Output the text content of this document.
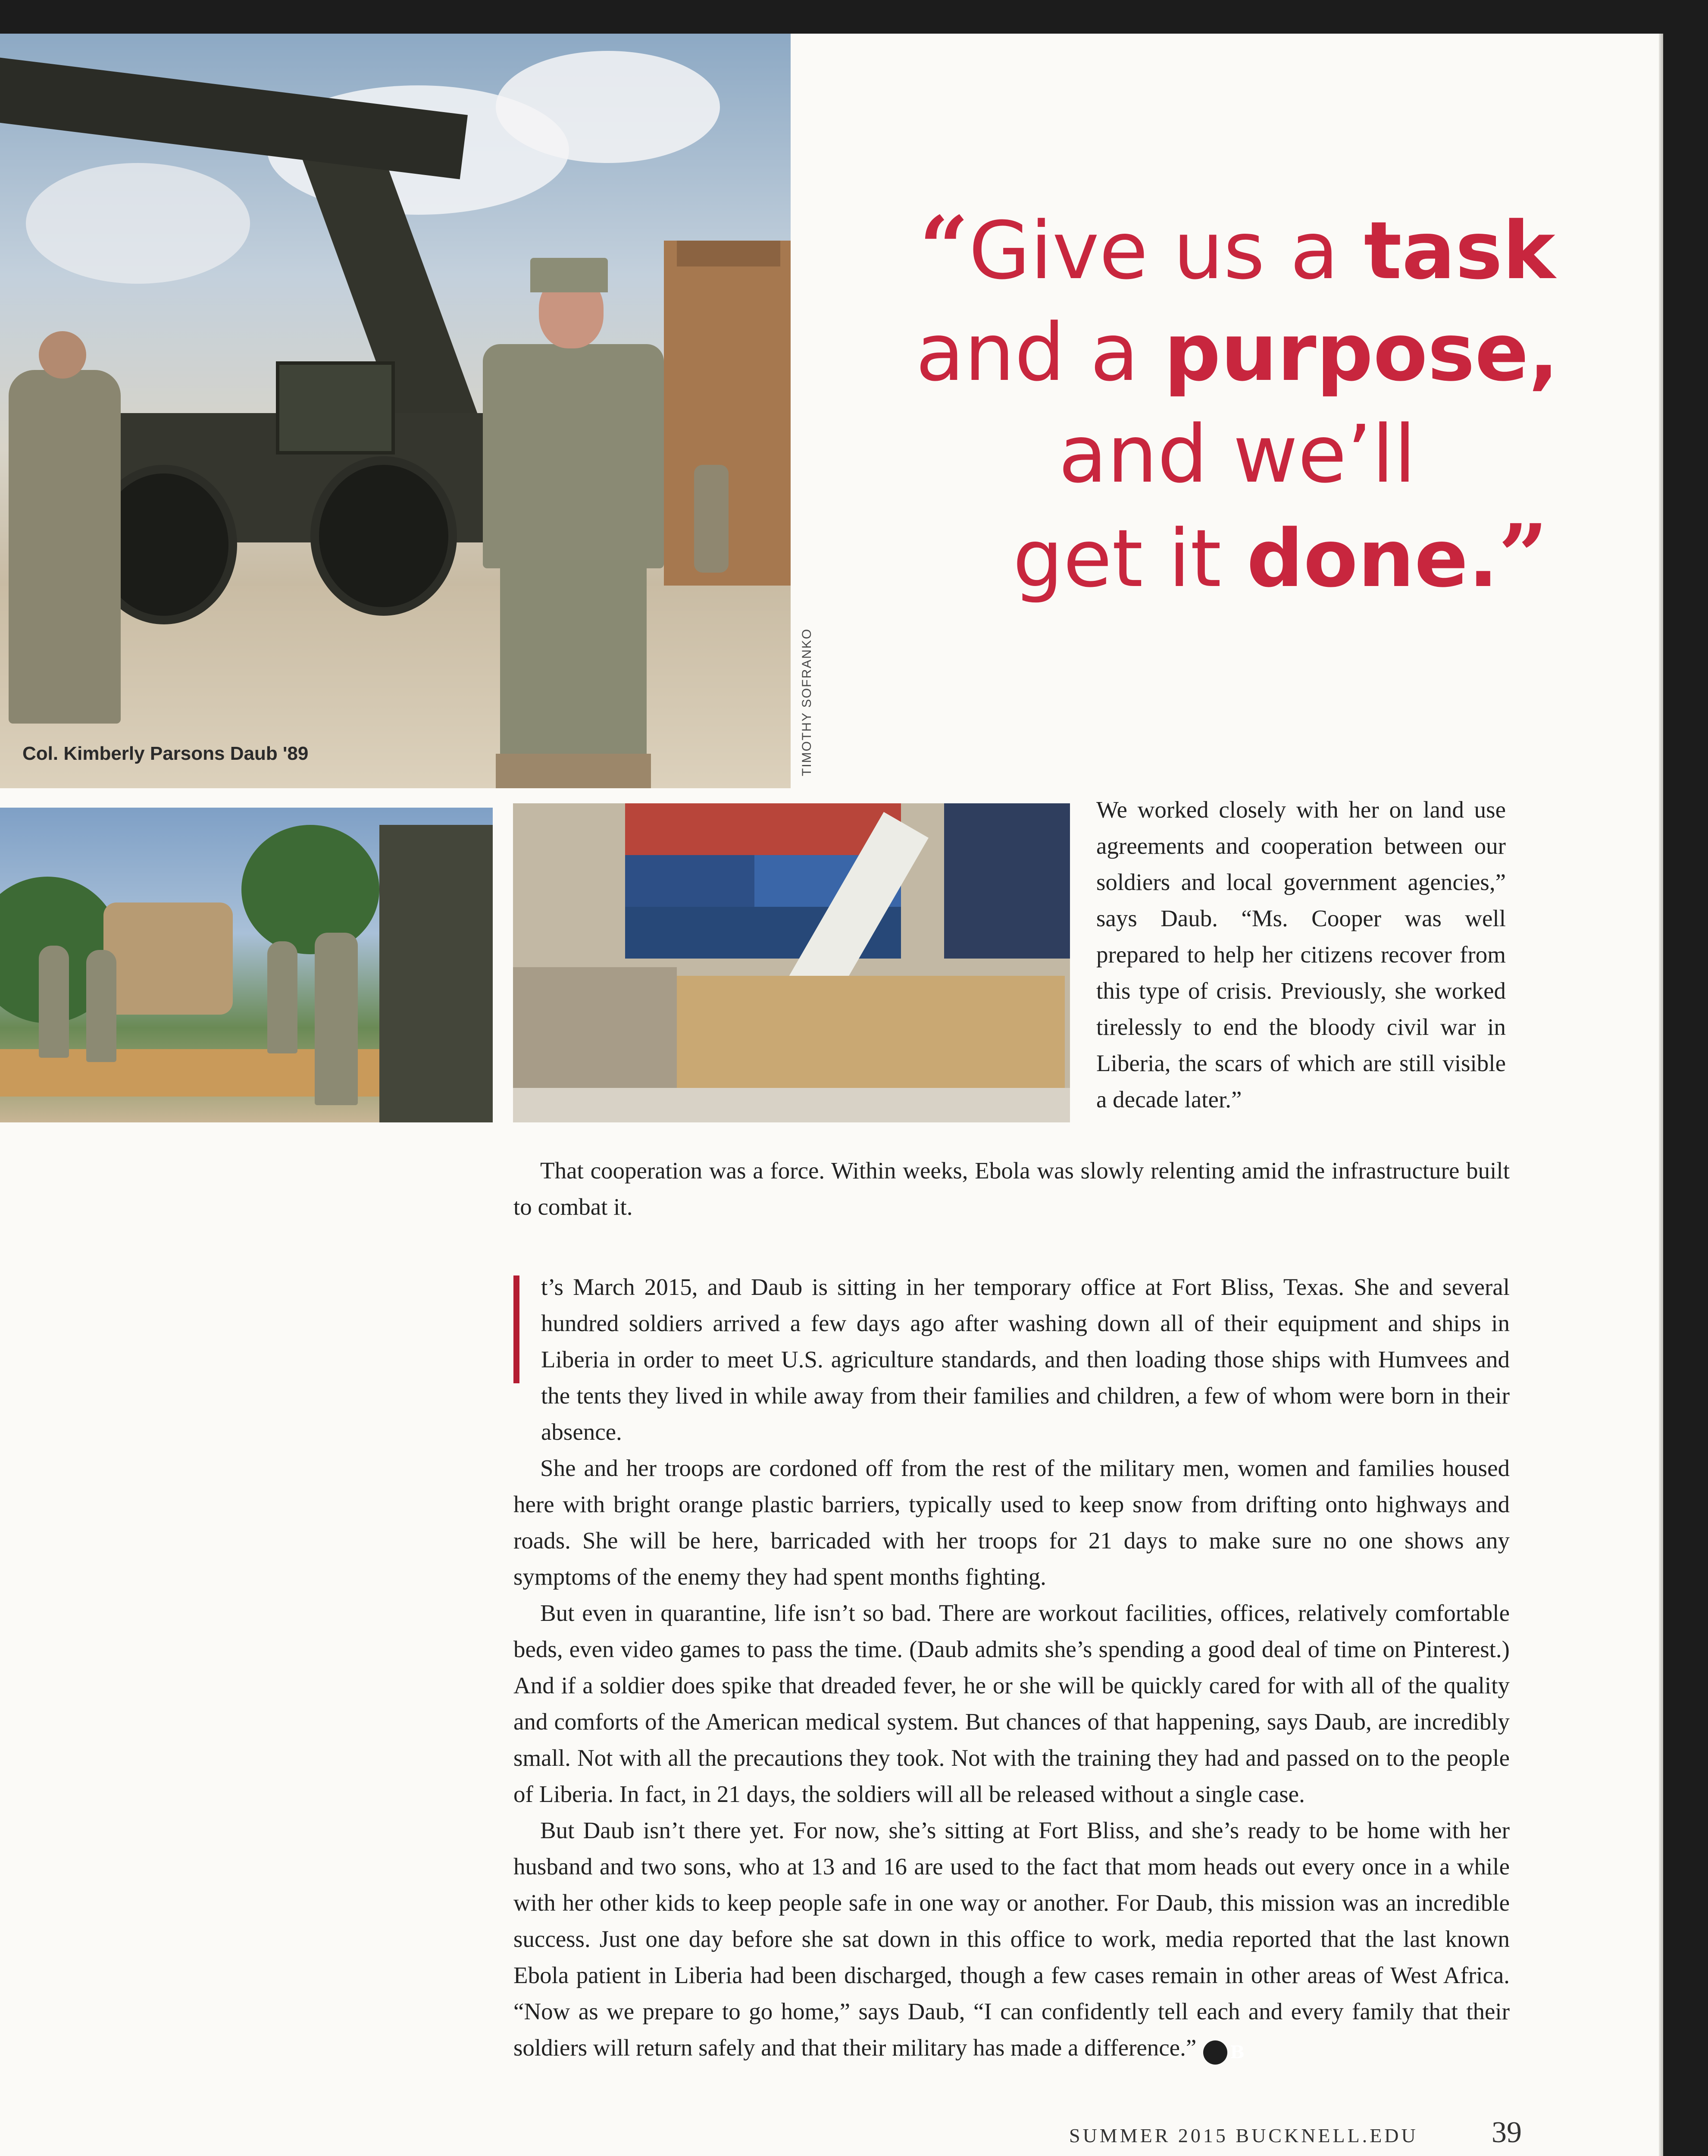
Col. Kimberly Parsons Daub '89	TIMOTHY SOFRANKO
“Give us a task
and a purpose,
and we’ll
get it done.”

We worked closely with her on land use agreements and cooperation between our soldiers and local government agencies,” says Daub. “Ms. Cooper was well prepared to help her citizens recover from this type of crisis. Previously, she worked tirelessly to end the bloody civil war in Liberia, the scars of which are still visible a decade later.”

That cooperation was a force. Within weeks, Ebola was slowly relenting amid the infrastructure built to combat it.

t’s March 2015, and Daub is sitting in her temporary office at Fort Bliss, Texas. She and several hundred soldiers arrived a few days ago after washing down all of their equipment and ships in Liberia in order to meet U.S. agriculture standards, and then loading those ships with Humvees and the tents they lived in while away from their families and children, a few of whom were born in their absence.

She and her troops are cordoned off from the rest of the military men, women and families housed here with bright orange plastic barriers, typically used to keep snow from drifting onto highways and roads. She will be here, barricaded with her troops for 21 days to make sure no one shows any symptoms of the enemy they had spent months fighting.

But even in quarantine, life isn’t so bad. There are workout facilities, offices, relatively comfortable beds, even video games to pass the time. (Daub admits she’s spending a good deal of time on Pinterest.) And if a soldier does spike that dreaded fever, he or she will be quickly cared for with all of the quality and comforts of the American medical system. But chances of that happening, says Daub, are incredibly small. Not with all the precautions they took. Not with the training they had and passed on to the people of Liberia. In fact, in 21 days, the soldiers will all be released without a single case.

But Daub isn’t there yet. For now, she’s sitting at Fort Bliss, and she’s ready to be home with her husband and two sons, who at 13 and 16 are used to the fact that mom heads out every once in a while with her other kids to keep people safe in one way or another. For Daub, this mission was an incredible success. Just one day before she sat down in this office to work, media reported that the last known Ebola patient in Liberia had been discharged, though a few cases remain in other areas of West Africa. “Now as we prepare to go home,” says Daub, “I can confidently tell each and every family that their soldiers will return safely and that their military has made a difference.” B

SUMMER 2015 BUCKNELL.EDU 39
